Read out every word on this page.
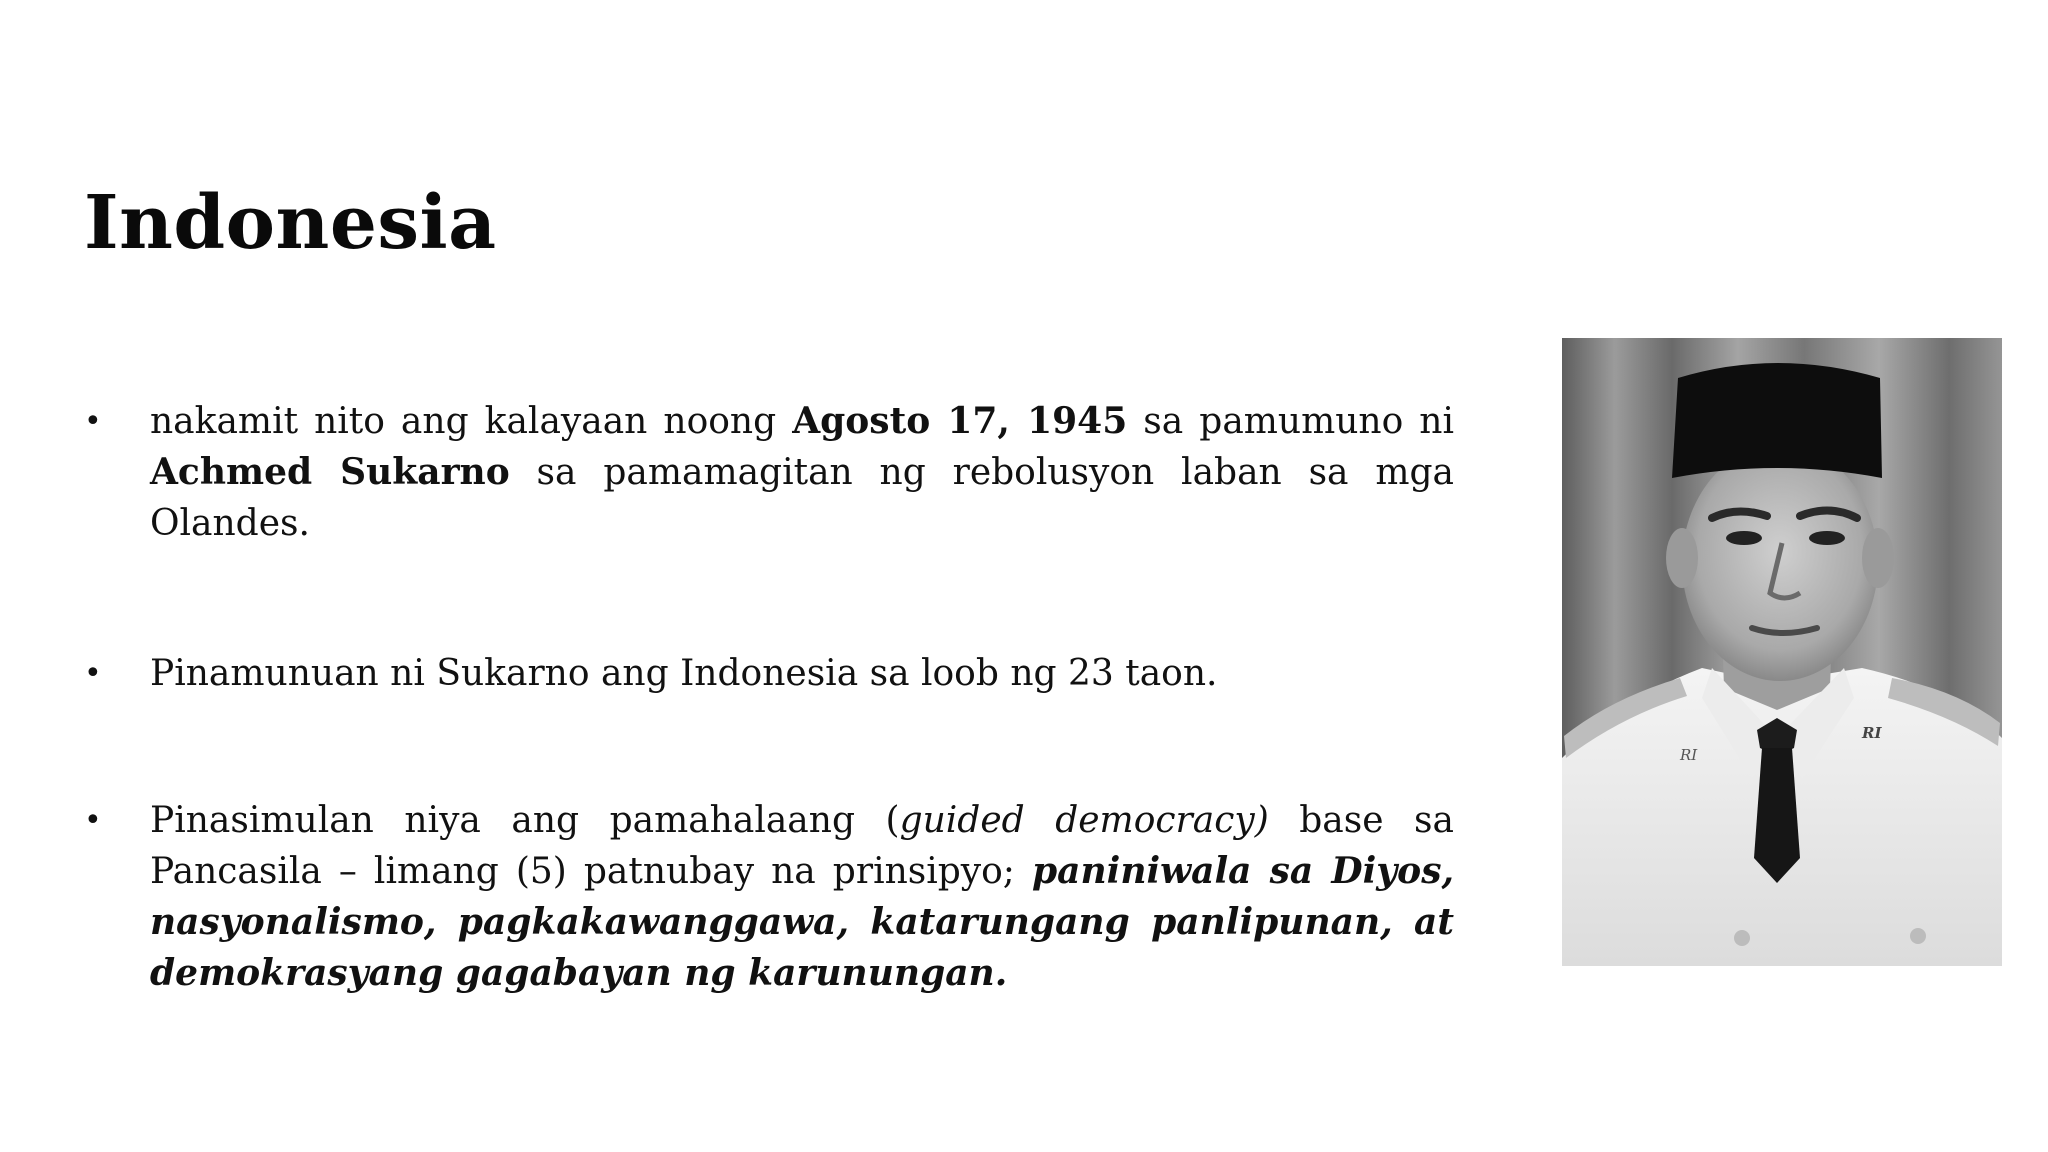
Indonesia
• nakamit nito ang kalayaan noong Agosto 17, 1945 sa pamumuno ni Achmed Sukarno sa pamamagitan ng rebolusyon laban sa mga Olandes.

• Pinamunuan ni Sukarno ang Indonesia sa loob ng 23 taon.

• Pinasimulan niya ang pamahalaang (guided democracy) base sa Pancasila – limang (5) patnubay na prinsipyo; paniniwala sa Diyos, nasyonalismo, pagkakawanggawa, katarungang panlipunan, at demokrasyang gagabayan ng karunungan.

RI
RI
